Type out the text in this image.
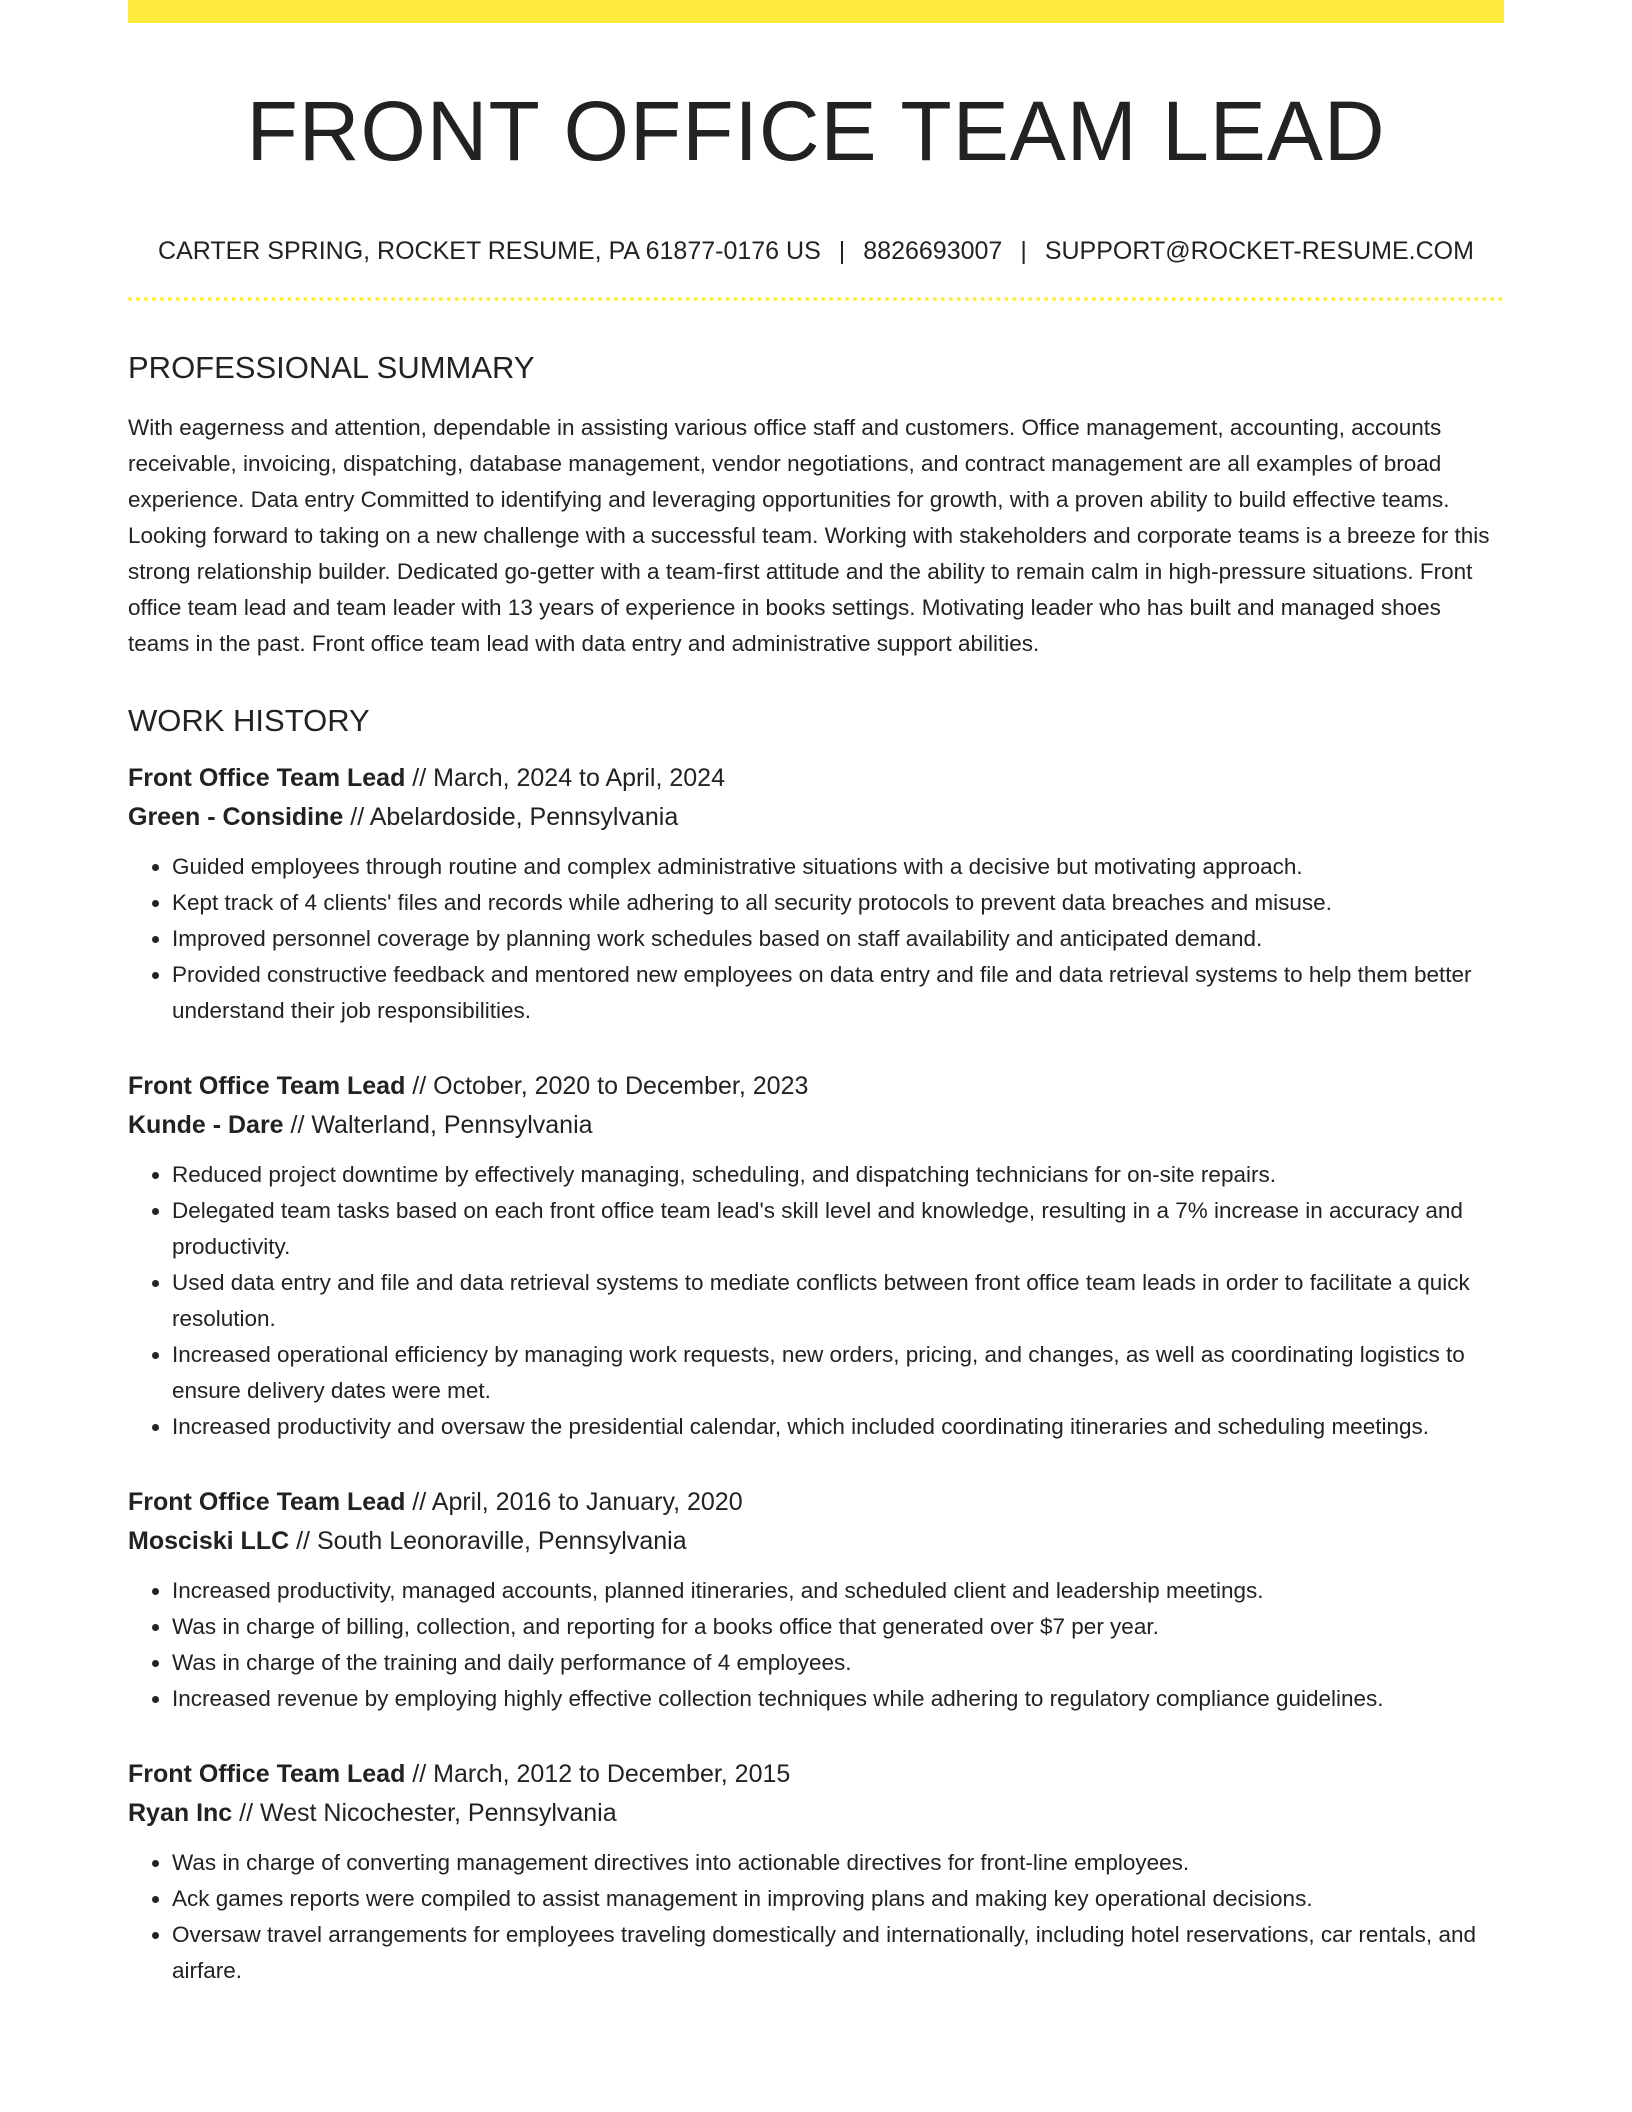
FRONT OFFICE TEAM LEAD
CARTER SPRING, ROCKET RESUME, PA 61877-0176 US | 8826693007 | SUPPORT@ROCKET-RESUME.COM
PROFESSIONAL SUMMARY

With eagerness and attention, dependable in assisting various office staff and customers. Office management, accounting, accounts receivable, invoicing, dispatching, database management, vendor negotiations, and contract management are all examples of broad experience. Data entry Committed to identifying and leveraging opportunities for growth, with a proven ability to build effective teams. Looking forward to taking on a new challenge with a successful team. Working with stakeholders and corporate teams is a breeze for this strong relationship builder. Dedicated go-getter with a team-first attitude and the ability to remain calm in high-pressure situations. Front office team lead and team leader with 13 years of experience in books settings. Motivating leader who has built and managed shoes teams in the past. Front office team lead with data entry and administrative support abilities.

WORK HISTORY
Front Office Team Lead // March, 2024 to April, 2024
Green - Considine // Abelardoside, Pennsylvania
• Guided employees through routine and complex administrative situations with a decisive but motivating approach.
• Kept track of 4 clients' files and records while adhering to all security protocols to prevent data breaches and misuse.
• Improved personnel coverage by planning work schedules based on staff availability and anticipated demand.
• Provided constructive feedback and mentored new employees on data entry and file and data retrieval systems to help them better understand their job responsibilities.
Front Office Team Lead // October, 2020 to December, 2023
Kunde - Dare // Walterland, Pennsylvania
• Reduced project downtime by effectively managing, scheduling, and dispatching technicians for on-site repairs.
• Delegated team tasks based on each front office team lead's skill level and knowledge, resulting in a 7% increase in accuracy and productivity.
• Used data entry and file and data retrieval systems to mediate conflicts between front office team leads in order to facilitate a quick resolution.
• Increased operational efficiency by managing work requests, new orders, pricing, and changes, as well as coordinating logistics to ensure delivery dates were met.
• Increased productivity and oversaw the presidential calendar, which included coordinating itineraries and scheduling meetings.
Front Office Team Lead // April, 2016 to January, 2020
Mosciski LLC // South Leonoraville, Pennsylvania
• Increased productivity, managed accounts, planned itineraries, and scheduled client and leadership meetings.
• Was in charge of billing, collection, and reporting for a books office that generated over $7 per year.
• Was in charge of the training and daily performance of 4 employees.
• Increased revenue by employing highly effective collection techniques while adhering to regulatory compliance guidelines.
Front Office Team Lead // March, 2012 to December, 2015
Ryan Inc // West Nicochester, Pennsylvania
• Was in charge of converting management directives into actionable directives for front-line employees.
• Ack games reports were compiled to assist management in improving plans and making key operational decisions.
• Oversaw travel arrangements for employees traveling domestically and internationally, including hotel reservations, car rentals, and airfare.
